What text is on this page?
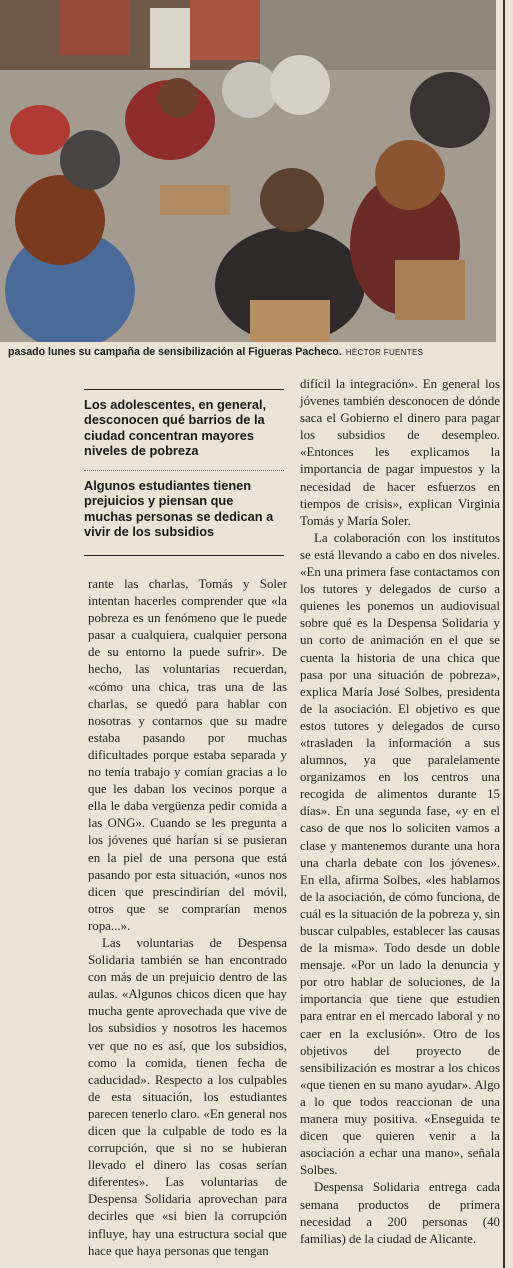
pasado lunes su campaña de sensibilización al Figueras Pacheco. HÉCTOR FUENTES
Los adolescentes, en general, desconocen qué barrios de la ciudad concentran mayores niveles de pobreza
Algunos estudiantes tienen prejuicios y piensan que muchas personas se dedican a vivir de los subsidios

rante las charlas, Tomás y Soler intentan hacerles comprender que «la pobreza es un fenómeno que le puede pasar a cualquiera, cualquier persona de su entorno la puede sufrir». De hecho, las voluntarias recuerdan, «cómo una chica, tras una de las charlas, se quedó para hablar con nosotras y contarnos que su madre estaba pasando por muchas dificultades porque estaba separada y no tenía trabajo y comían gracias a lo que les daban los vecinos porque a ella le daba vergüenza pedir comida a las ONG». Cuando se les pregunta a los jóvenes qué harían si se pusieran en la piel de una persona que está pasando por esta situación, «unos nos dicen que prescindirían del móvil, otros que se comprarían menos ropa...».

Las voluntarias de Despensa Solidaria también se han encontrado con más de un prejuicio dentro de las aulas. «Algunos chicos dicen que hay mucha gente aprovechada que vive de los subsidios y nosotros les hacemos ver que no es así, que los subsidios, como la comida, tienen fecha de caducidad». Respecto a los culpables de esta situación, los estudiantes parecen tenerlo claro. «En general nos dicen que la culpable de todo es la corrupción, que si no se hubieran llevado el dinero las cosas serían diferentes». Las voluntarias de Despensa Solidaria aprovechan para decirles que «si bien la corrupción influye, hay una estructura social que hace que haya personas que tengan

difícil la integración». En general los jóvenes también desconocen de dónde saca el Gobierno el dinero para pagar los subsidios de desempleo. «Entonces les explicamos la importancia de pagar impuestos y la necesidad de hacer esfuerzos en tiempos de crisis», explican Virginia Tomás y María Soler.

La colaboración con los institutos se está llevando a cabo en dos niveles. «En una primera fase contactamos con los tutores y delegados de curso a quienes les ponemos un audiovisual sobre qué es la Despensa Solidaria y un corto de animación en el que se cuenta la historia de una chica que pasa por una situación de pobreza», explica María José Solbes, presidenta de la asociación. El objetivo es que estos tutores y delegados de curso «trasladen la información a sus alumnos, ya que paralelamente organizamos en los centros una recogida de alimentos durante 15 días». En una segunda fase, «y en el caso de que nos lo soliciten vamos a clase y mantenemos durante una hora una charla debate con los jóvenes». En ella, afirma Solbes, «les hablamos de la asociación, de cómo funciona, de cuál es la situación de la pobreza y, sin buscar culpables, establecer las causas de la misma». Todo desde un doble mensaje. «Por un lado la denuncia y por otro hablar de soluciones, de la importancia que tiene que estudien para entrar en el mercado laboral y no caer en la exclusión». Otro de los objetivos del proyecto de sensibilización es mostrar a los chicos «que tienen en su mano ayudar». Algo a lo que todos reaccionan de una manera muy positiva. «Enseguida te dicen que quieren venir a la asociación a echar una mano», señala Solbes.

Despensa Solidaria entrega cada semana productos de primera necesidad a 200 personas (40 familias) de la ciudad de Alicante.
